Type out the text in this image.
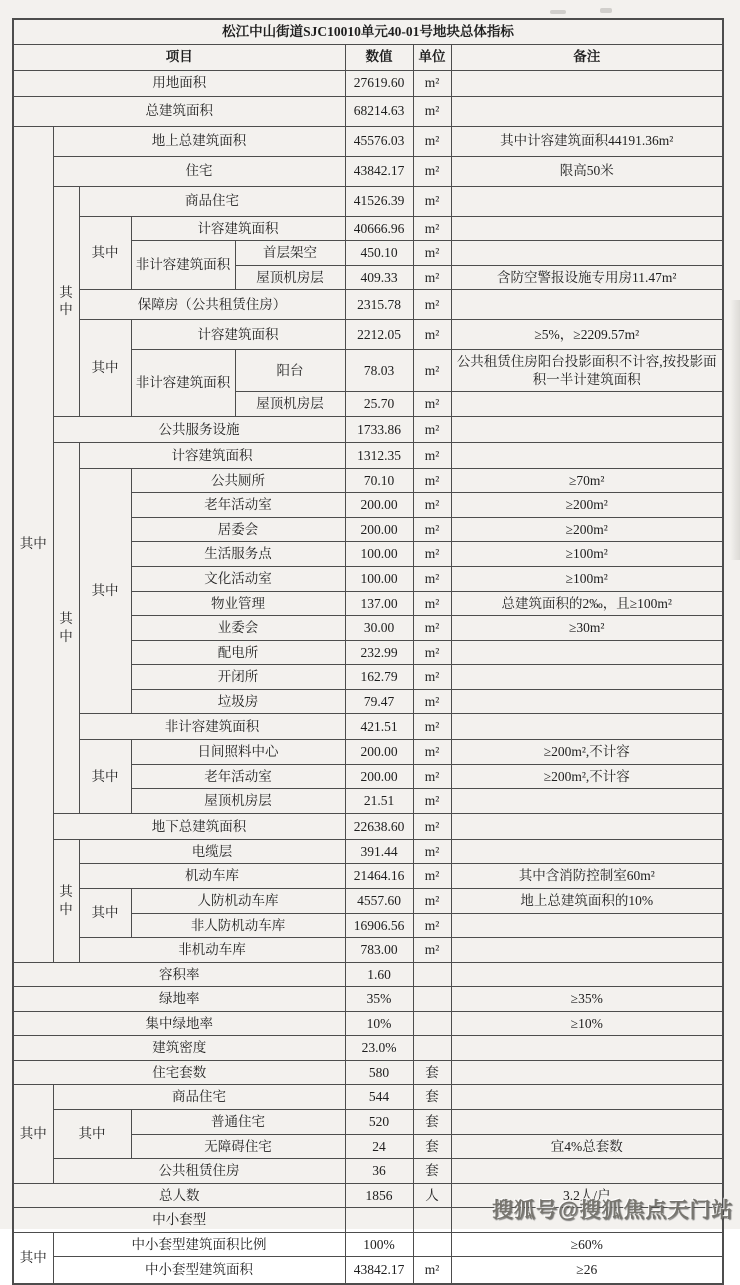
松江中山街道SJC10010单元40-01号地块总体指标							
项目					数值	单位	备注
用地面积					27619.60	m²	
总建筑面积					68214.63	m²	
其中	地上总建筑面积				45576.03	m²	其中计容建筑面积44191.36m²
	住宅				43842.17	m²	限高50米
	其中	商品住宅			41526.39	m²	
		其中	计容建筑面积		40666.96	m²	
			非计容建筑面积	首层架空	450.10	m²	
				屋顶机房层	409.33	m²	含防空警报设施专用房11.47m²
		保障房（公共租赁住房）			2315.78	m²	
		其中	计容建筑面积		2212.05	m²	≥5%，≥2209.57m²
			非计容建筑面积	阳台	78.03	m²	公共租赁住房阳台投影面积不计容,按投影面积一半计建筑面积
				屋顶机房层	25.70	m²	
	公共服务设施				1733.86	m²	
	其中	计容建筑面积			1312.35	m²	
		其中	公共厕所		70.10	m²	≥70m²
			老年活动室		200.00	m²	≥200m²
			居委会		200.00	m²	≥200m²
			生活服务点		100.00	m²	≥100m²
			文化活动室		100.00	m²	≥100m²
			物业管理		137.00	m²	总建筑面积的2‰，且≥100m²
			业委会		30.00	m²	≥30m²
			配电所		232.99	m²	
			开闭所		162.79	m²	
			垃圾房		79.47	m²	
		非计容建筑面积			421.51	m²	
		其中	日间照料中心		200.00	m²	≥200m²,不计容
			老年活动室		200.00	m²	≥200m²,不计容
			屋顶机房层		21.51	m²	
	地下总建筑面积				22638.60	m²	
	其中	电缆层			391.44	m²	
		机动车库			21464.16	m²	其中含消防控制室60m²
		其中	人防机动车库		4557.60	m²	地上总建筑面积的10%
			非人防机动车库		16906.56	m²	
		非机动车库			783.00	m²	
容积率					1.60		
绿地率					35%		≥35%
集中绿地率					10%		≥10%
建筑密度					23.0%		
住宅套数					580	套	
其中	商品住宅				544	套	
	其中		普通住宅		520	套	
			无障碍住宅		24	套	宜4%总套数
	公共租赁住房				36	套	
总人数					1856	人	3.2人/户
中小套型							
其中	中小套型建筑面积比例				100%		≥60%
	中小套型建筑面积				43842.17	m²	≥26
搜狐号@搜狐焦点天门站
